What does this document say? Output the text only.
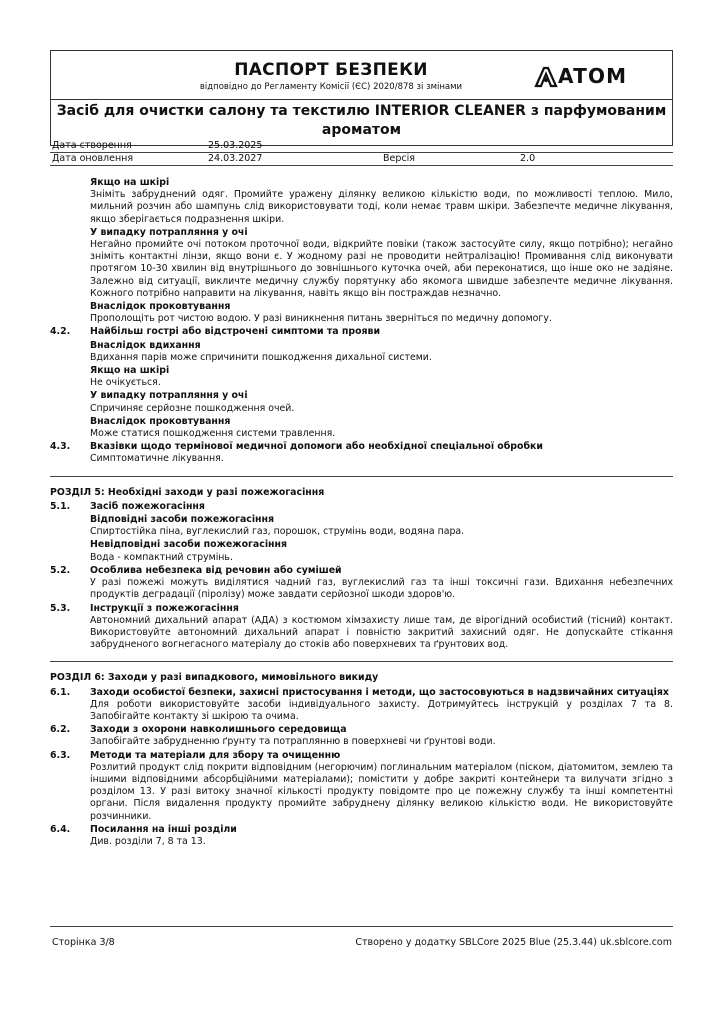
ПАСПОРТ БЕЗПЕКИ
відповідно до Регламенту Комісії (ЄС) 2020/878 зі змінами	ATOM
Засіб для очистки салону та текстилю INTERIOR CLEANER з парфумованим ароматом
Дата створення	25.03.2025
Дата оновлення	24.03.2027	Версія	2.0
Якщо на шкірі
Зніміть забруднений одяг. Промийте уражену ділянку великою кількістю води, по можливості теплою. Мило, мильний розчин або шампунь слід використовувати тоді, коли немає травм шкіри. Забезпечте медичне лікування, якщо зберігається подразнення шкіри.
У випадку потрапляння у очі
Негайно промийте очі потоком проточної води, відкрийте повіки (також застосуйте силу, якщо потрібно); негайно зніміть контактні лінзи, якщо вони є. У жодному разі не проводити нейтралізацію! Промивання слід виконувати протягом 10-30 хвилин від внутрішнього до зовнішнього куточка очей, аби переконатися, що інше око не задіяне. Залежно від ситуації, викличте медичну службу порятунку або якомога швидше забезпечте медичне лікування. Кожного потрібно направити на лікування, навіть якщо він постраждав незначно.
Внаслідок проковтування
Прополощіть рот чистою водою. У разі виникнення питань зверніться по медичну допомогу.
4.2. Найбільш гострі або відстрочені симптоми та прояви
Внаслідок вдихання
Вдихання парів може спричинити пошкодження дихальної системи.
Якщо на шкірі
Не очікується.
У випадку потрапляння у очі
Спричиняє серйозне пошкодження очей.
Внаслідок проковтування
Може статися пошкодження системи травлення.
4.3. Вказівки щодо термінової медичної допомоги або необхідної спеціальної обробки
Симптоматичне лікування.
РОЗДІЛ 5: Необхідні заходи у разі пожежогасіння
5.1. Засіб пожежогасіння
Відповідні засоби пожежогасіння
Спиртостійка піна, вуглекислий газ, порошок, струмінь води, водяна пара.
Невідповідні засоби пожежогасіння
Вода - компактний струмінь.
5.2. Особлива небезпека від речовин або сумішей
У разі пожежі можуть виділятися чадний газ, вуглекислий газ та інші токсичні гази. Вдихання небезпечних продуктів деградації (піролізу) може завдати серйозної шкоди здоров'ю.
5.3. Інструкції з пожежогасіння
Автономний дихальний апарат (АДА) з костюмом хімзахисту лише там, де вірогідний особистий (тісний) контакт. Використовуйте автономний дихальний апарат і повністю закритий захисний одяг. Не допускайте стікання забрудненого вогнегасного матеріалу до стоків або поверхневих та ґрунтових вод.
РОЗДІЛ 6: Заходи у разі випадкового, мимовільного викиду
6.1. Заходи особистої безпеки, захисні пристосування і методи, що застосовуються в надзвичайних ситуаціях
Для роботи використовуйте засоби індивідуального захисту. Дотримуйтесь інструкцій у розділах 7 та 8. Запобігайте контакту зі шкірою та очима.
6.2. Заходи з охорони навколишнього середовища
Запобігайте забрудненню ґрунту та потраплянню в поверхневі чи ґрунтові води.
6.3. Методи та матеріали для збору та очищенню
Розлитий продукт слід покрити відповідним (негорючим) поглинальним матеріалом (піском, діатомитом, землею та іншими відповідними абсорбційними матеріалами); помістити у добре закриті контейнери та вилучати згідно з розділом 13. У разі витоку значної кількості продукту повідомте про це пожежну службу та інші компетентні органи. Після видалення продукту промийте забруднену ділянку великою кількістю води. Не використовуйте розчинники.
6.4. Посилання на інші розділи
Див. розділи 7, 8 та 13.
Сторінка 3/8	Створено у додатку SBLCore 2025 Blue (25.3.44) uk.sblcore.com
